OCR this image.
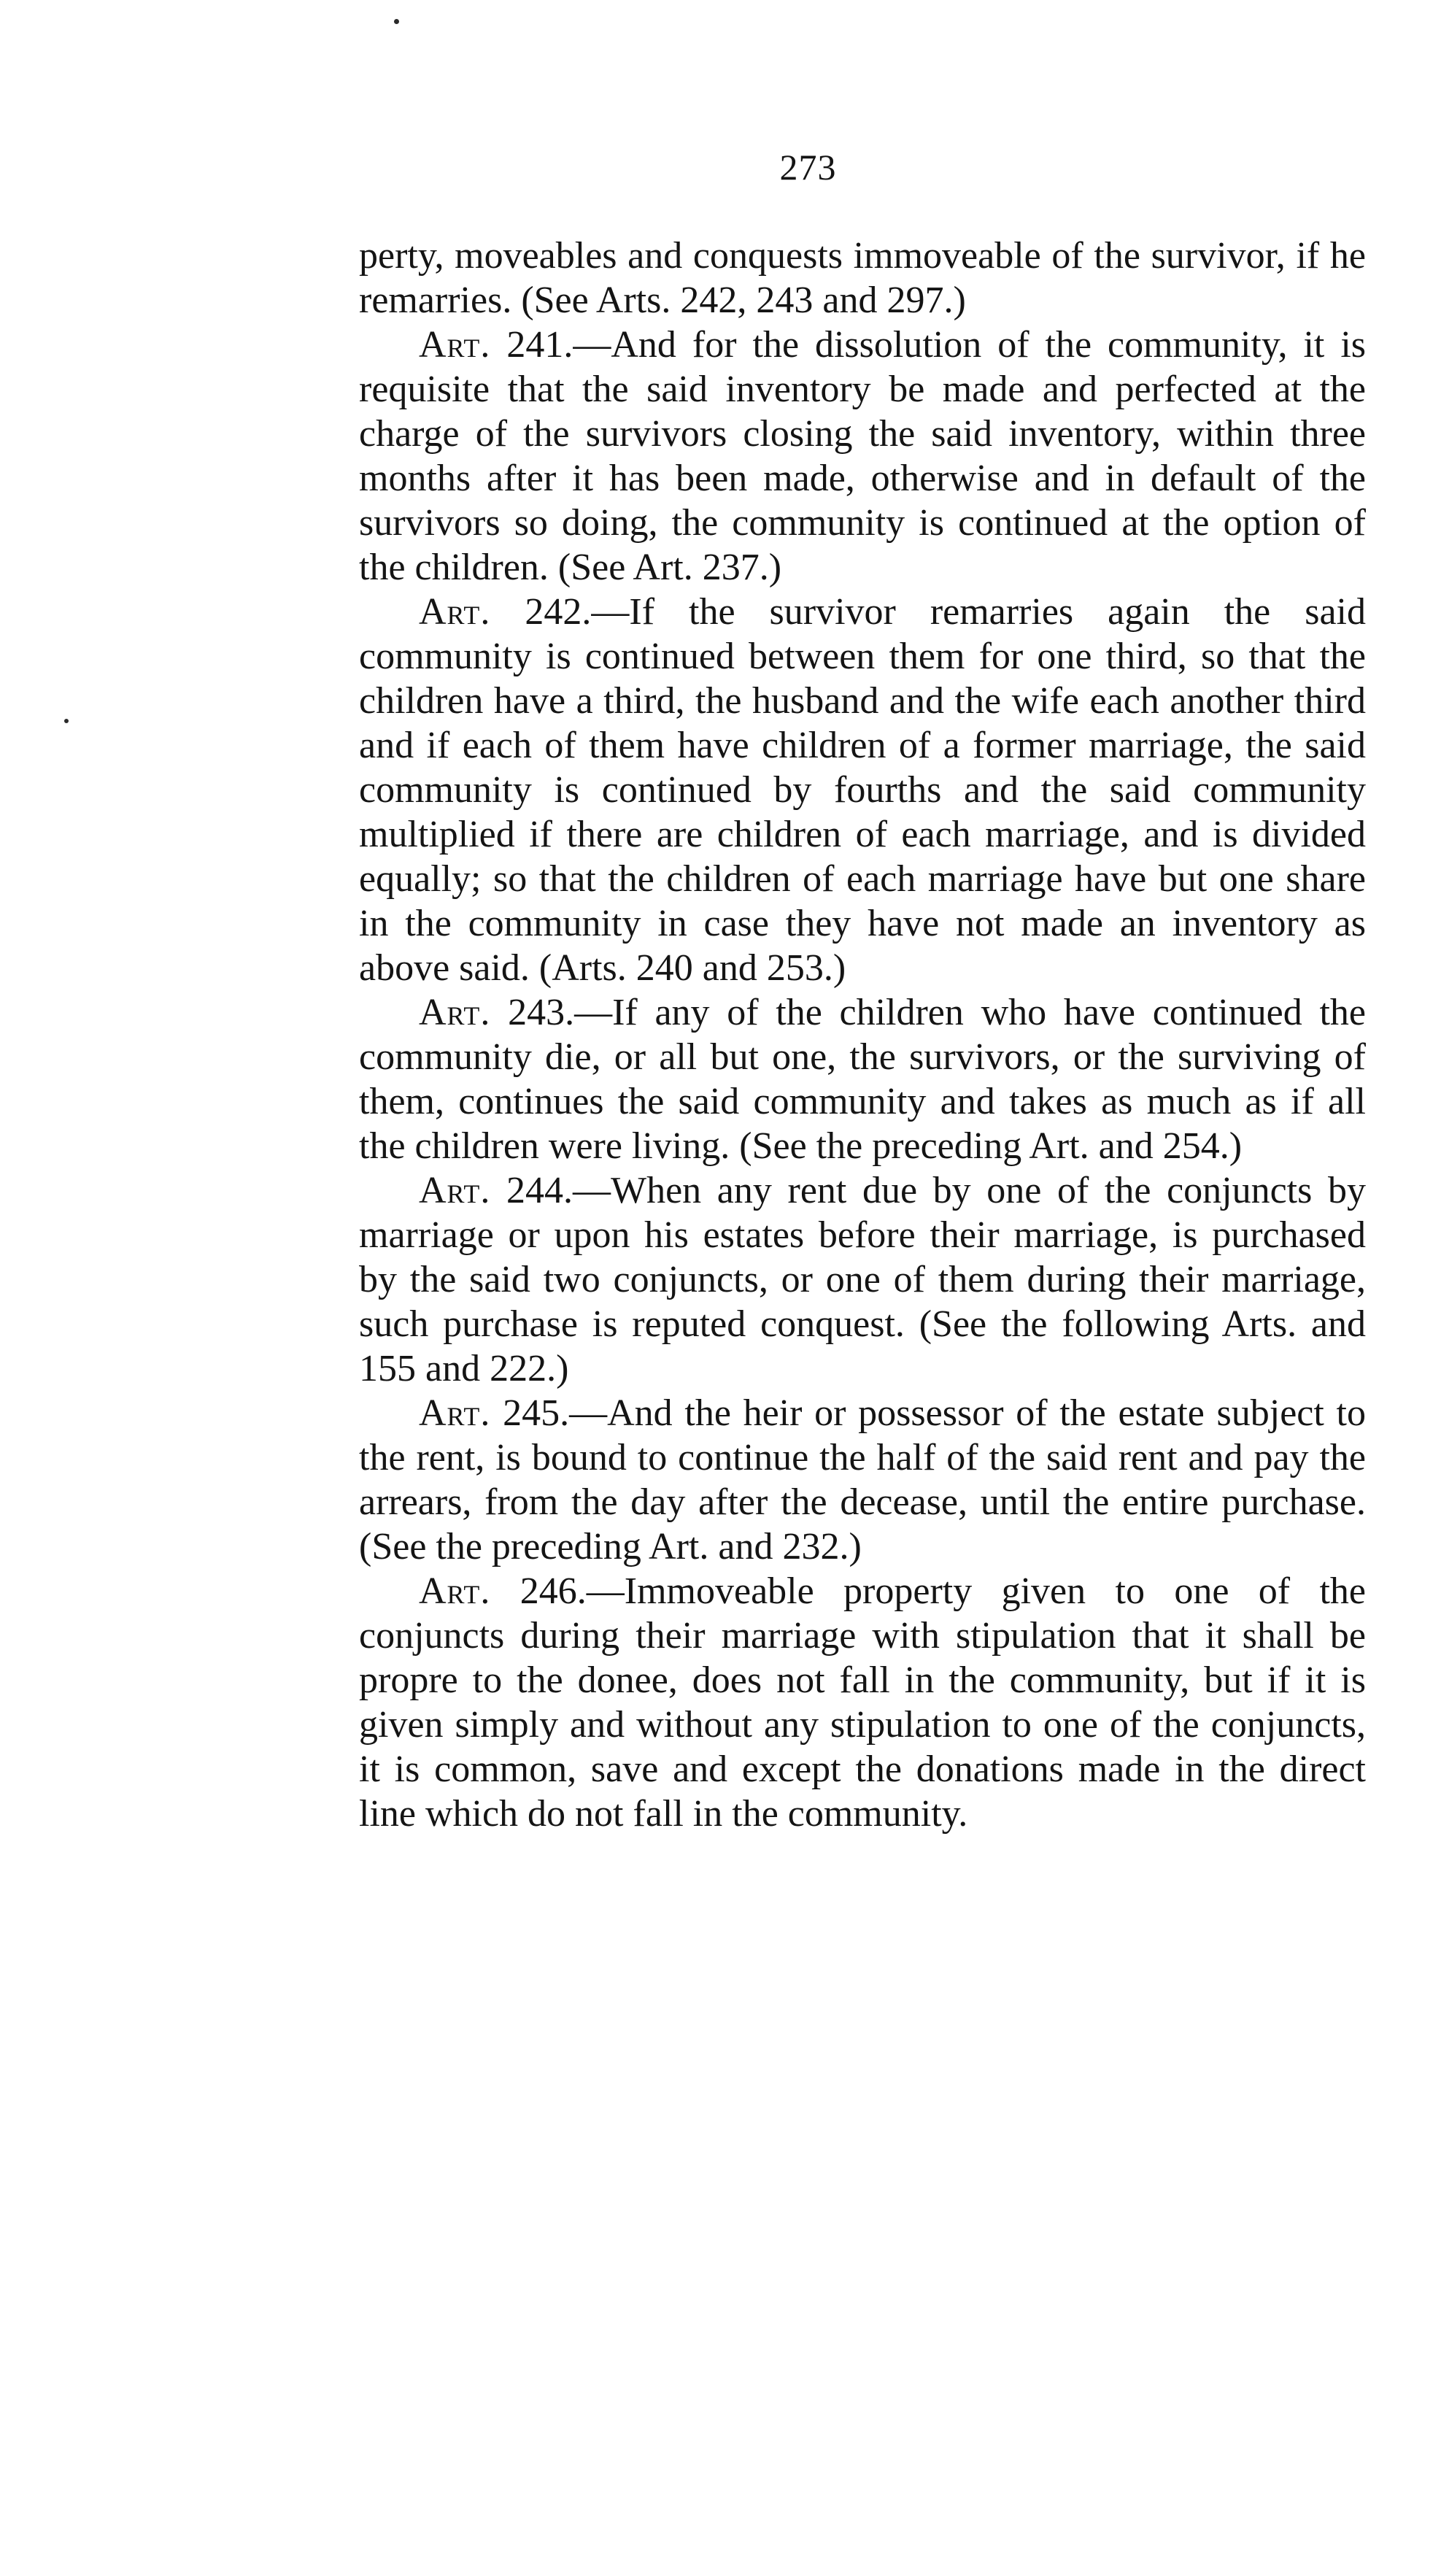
273

perty, moveables and conquests immoveable of the survivor, if he remarries. (See Arts. 242, 243 and 297.)

Art. 241.—And for the dissolution of the community, it is requisite that the said inventory be made and perfected at the charge of the survivors closing the said inventory, within three months after it has been made, otherwise and in default of the survivors so doing, the community is continued at the option of the children. (See Art. 237.)

Art. 242.—If the survivor remarries again the said community is continued between them for one third, so that the children have a third, the husband and the wife each another third and if each of them have children of a former marriage, the said community is continued by fourths and the said community multiplied if there are children of each marriage, and is divided equally; so that the children of each marriage have but one share in the community in case they have not made an inventory as above said. (Arts. 240 and 253.)

Art. 243.—If any of the children who have continued the community die, or all but one, the survivors, or the surviving of them, continues the said community and takes as much as if all the children were living. (See the preceding Art. and 254.)

Art. 244.—When any rent due by one of the conjuncts by marriage or upon his estates before their marriage, is purchased by the said two conjuncts, or one of them during their marriage, such purchase is reputed conquest. (See the following Arts. and 155 and 222.)

Art. 245.—And the heir or possessor of the estate subject to the rent, is bound to continue the half of the said rent and pay the arrears, from the day after the decease, until the entire purchase. (See the preceding Art. and 232.)

Art. 246.—Immoveable property given to one of the conjuncts during their marriage with stipulation that it shall be propre to the donee, does not fall in the community, but if it is given simply and without any stipulation to one of the conjuncts, it is common, save and except the donations made in the direct line which do not fall in the community.
